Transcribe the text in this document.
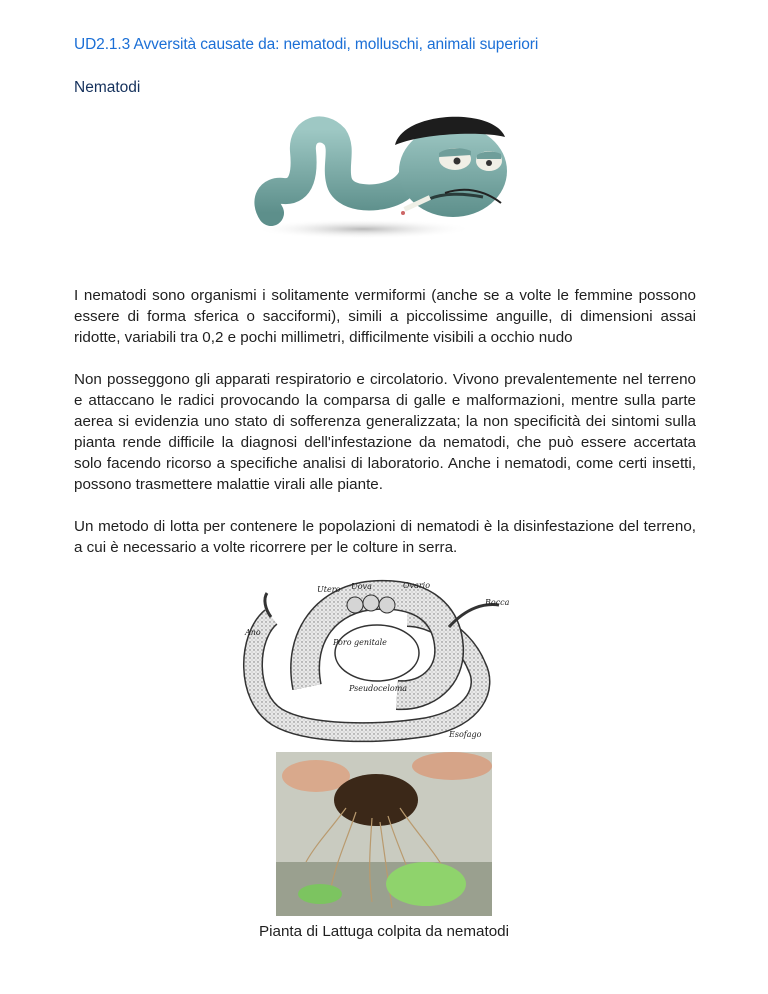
UD2.1.3 Avversità causate da: nematodi, molluschi, animali superiori
Nematodi

I nematodi sono organismi i solitamente vermiformi (anche se a volte le femmine possono essere di forma sferica o sacciformi), simili a piccolissime anguille, di dimensioni assai ridotte, variabili tra 0,2 e pochi millimetri, difficilmente visibili a occhio nudo

Non posseggono gli apparati respiratorio e circolatorio. Vivono prevalentemente nel terreno e attaccano le radici provocando la comparsa di galle e malformazioni, mentre sulla parte aerea si evidenzia uno stato di sofferenza generalizzata; la non specificità dei sintomi sulla pianta rende difficile la diagnosi dell'infestazione da nematodi, che può essere accertata solo facendo ricorso a specifiche analisi di laboratorio. Anche i nematodi, come certi insetti, possono trasmettere malattie virali alle piante.

Un metodo di lotta per contenere le popolazioni di nematodi è la disinfestazione del terreno, a cui è necessario a volte ricorrere per le colture in serra.

Utero Uova	Ovario
Bocca
Ano
Poro genitale
Pseudoceloma
Esofago

Pianta di Lattuga colpita da nematodi
